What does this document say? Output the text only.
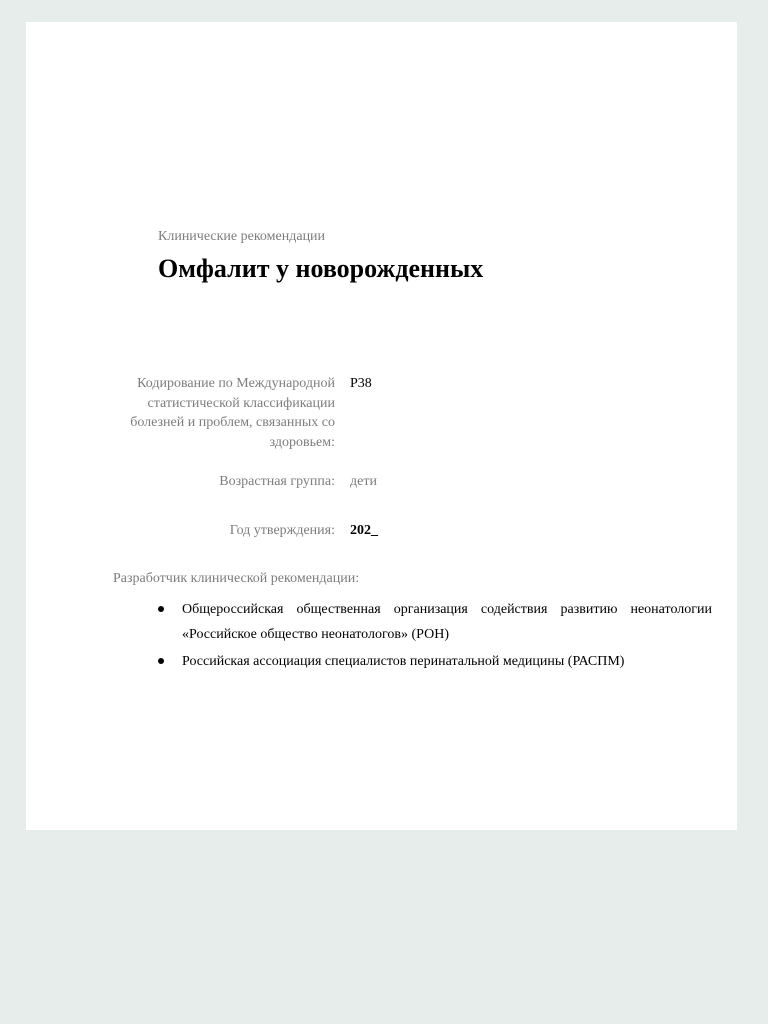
Клинические рекомендации
Омфалит у новорожденных
Кодирование по Международной статистической классификации болезней и проблем, связанных со здоровьем:
P38
Возрастная группа: дети
Год утверждения: 202_
Разработчик клинической рекомендации:
Общероссийская общественная организация содействия развитию неонатологии «Российское общество неонатологов» (РОН)
Российская ассоциация специалистов перинатальной медицины (РАСПМ)
